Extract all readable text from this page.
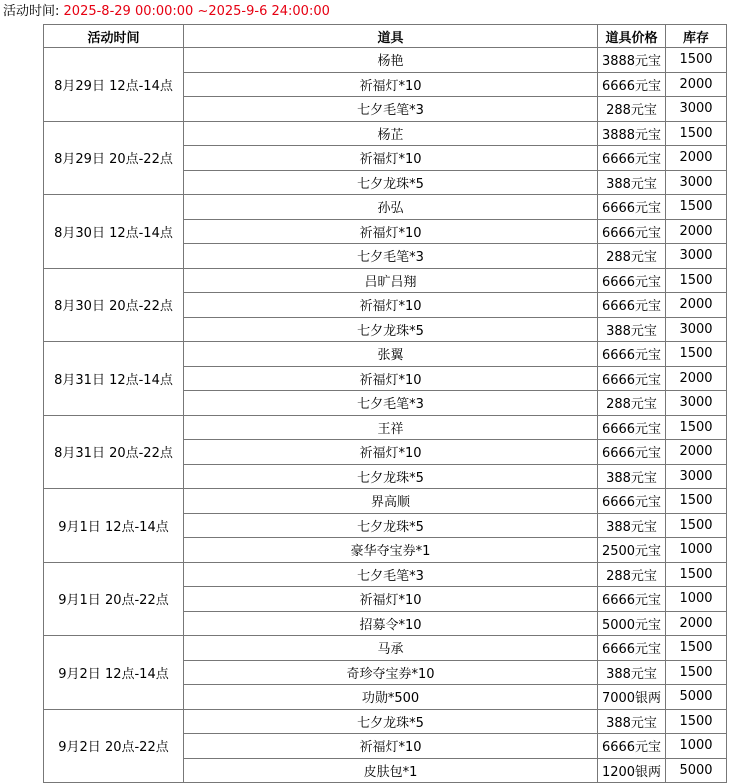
活动时间: 2025-8-29 00:00:00 ~2025-9-6 24:00:00
活动时间	道具	道具价格	库存
8月29日 12点-14点	杨艳	3888元宝	1500
	祈福灯*10	6666元宝	2000
	七夕毛笔*3	288元宝	3000
8月29日 20点-22点	杨芷	3888元宝	1500
	祈福灯*10	6666元宝	2000
	七夕龙珠*5	388元宝	3000
8月30日 12点-14点	孙弘	6666元宝	1500
	祈福灯*10	6666元宝	2000
	七夕毛笔*3	288元宝	3000
8月30日 20点-22点	吕旷吕翔	6666元宝	1500
	祈福灯*10	6666元宝	2000
	七夕龙珠*5	388元宝	3000
8月31日 12点-14点	张翼	6666元宝	1500
	祈福灯*10	6666元宝	2000
	七夕毛笔*3	288元宝	3000
8月31日 20点-22点	王祥	6666元宝	1500
	祈福灯*10	6666元宝	2000
	七夕龙珠*5	388元宝	3000
9月1日 12点-14点	界高顺	6666元宝	1500
	七夕龙珠*5	388元宝	1500
	豪华夺宝券*1	2500元宝	1000
9月1日 20点-22点	七夕毛笔*3	288元宝	1500
	祈福灯*10	6666元宝	1000
	招募令*10	5000元宝	2000
9月2日 12点-14点	马承	6666元宝	1500
	奇珍夺宝券*10	388元宝	1500
	功勋*500	7000银两	5000
9月2日 20点-22点	七夕龙珠*5	388元宝	1500
	祈福灯*10	6666元宝	1000
	皮肤包*1	1200银两	5000
